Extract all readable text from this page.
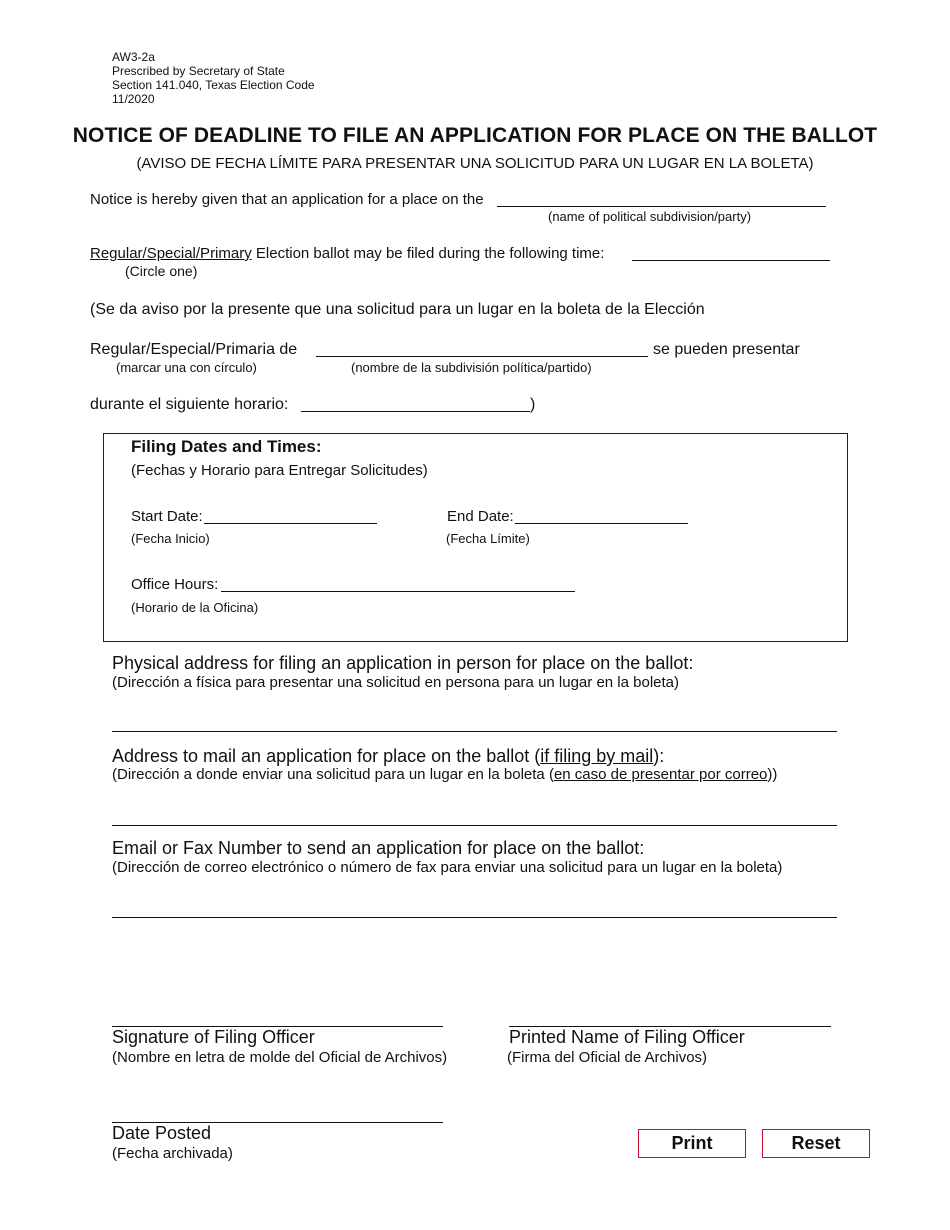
AW3-2a
Prescribed by Secretary of State
Section 141.040, Texas Election Code
11/2020
NOTICE OF DEADLINE TO FILE AN APPLICATION FOR PLACE ON THE BALLOT
(AVISO DE FECHA LÍMITE PARA PRESENTAR UNA SOLICITUD PARA UN LUGAR EN LA BOLETA)
Notice is hereby given that an application for a place on the
(name of political subdivision/party)
Regular/Special/Primary Election ballot may be filed during the following time:
(Circle one)
(Se da aviso por la presente que una solicitud para un lugar en la boleta de la Elección
Regular/Especial/Primaria de	se pueden presentar
(marcar una con círculo)	(nombre de la subdivisión política/partido)
durante el siguiente horario:	)
Filing Dates and Times:
(Fechas y Horario para Entregar Solicitudes)
Start Date:
(Fecha Inicio)
End Date:
(Fecha Límite)
Office Hours:
(Horario de la Oficina)
Physical address for filing an application in person for place on the ballot:
(Dirección a física para presentar una solicitud en persona para un lugar en la boleta)
Address to mail an application for place on the ballot (if filing by mail):
(Dirección a donde enviar una solicitud para un lugar en la boleta (en caso de presentar por correo))
Email or Fax Number to send an application for place on the ballot:
(Dirección de correo electrónico o número de fax para enviar una solicitud para un lugar en la boleta)
Signature of Filing Officer
(Nombre en letra de molde del Oficial de Archivos)
Printed Name of Filing Officer
(Firma del Oficial de Archivos)
Date Posted
(Fecha archivada)
Print	Reset
